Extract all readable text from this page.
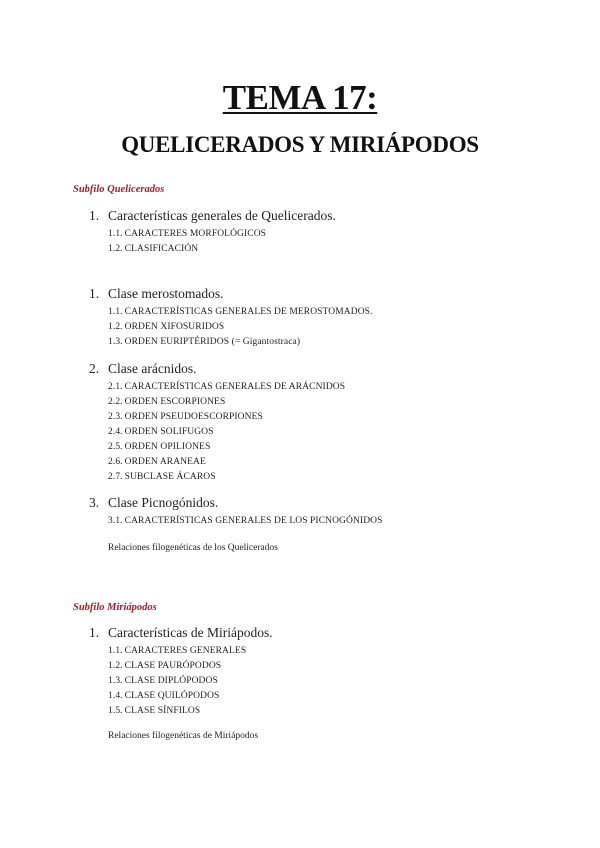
TEMA 17:
QUELICERADOS Y MIRIÁPODOS
Subfilo Quelicerados
1. Características generales de Quelicerados.
1.1. CARACTERES MORFOLÓGICOS
1.2. CLASIFICACIÓN
1. Clase merostomados.
1.1. CARACTERÍSTICAS GENERALES DE MEROSTOMADOS.
1.2. ORDEN XIFOSURIDOS
1.3. ORDEN EURIPTÉRIDOS (= Gigantostraca)
2. Clase arácnidos.
2.1. CARACTERÍSTICAS GENERALES DE ARÁCNIDOS
2.2. ORDEN ESCORPIONES
2.3. ORDEN PSEUDOESCORPIONES
2.4. ORDEN SOLIFUGOS
2.5. ORDEN OPILIONES
2.6. ORDEN ARANEAE
2.7. SUBCLASE ÁCAROS
3. Clase Picnogónidos.
3.1. CARACTERÍSTICAS GENERALES DE LOS PICNOGÓNIDOS
Relaciones filogenéticas de los Quelicerados
Subfilo Miriápodos
1. Características de Miriápodos.
1.1. CARACTERES GENERALES
1.2. CLASE PAURÓPODOS
1.3. CLASE DIPLÓPODOS
1.4. CLASE QUILÓPODOS
1.5. CLASE SÍNFILOS
Relaciones filogenéticas de Miriápodos
